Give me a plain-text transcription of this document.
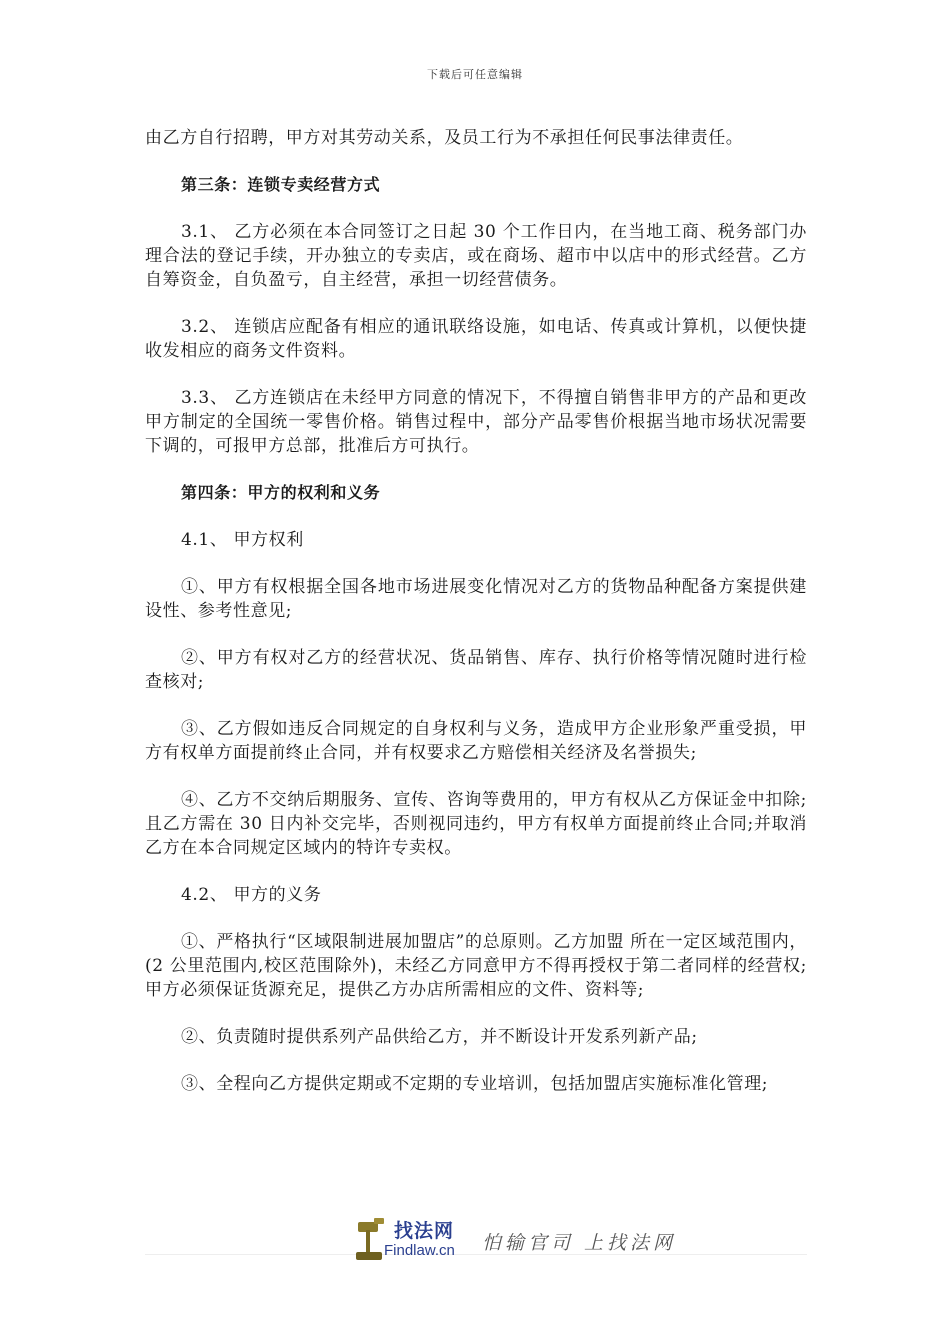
下载后可任意编辑

由乙方自行招聘，甲方对其劳动关系，及员工行为不承担任何民事法律责任。

第三条：连锁专卖经营方式

3.1、 乙方必须在本合同签订之日起 30 个工作日内，在当地工商、税务部门办理合法的登记手续，开办独立的专卖店，或在商场、超市中以店中的形式经营。乙方自筹资金，自负盈亏，自主经营，承担一切经营债务。

3.2、 连锁店应配备有相应的通讯联络设施，如电话、传真或计算机，以便快捷收发相应的商务文件资料。

3.3、 乙方连锁店在未经甲方同意的情况下，不得擅自销售非甲方的产品和更改甲方制定的全国统一零售价格。销售过程中，部分产品零售价根据当地市场状况需要下调的，可报甲方总部，批准后方可执行。

第四条：甲方的权利和义务

4.1、 甲方权利

①、甲方有权根据全国各地市场进展变化情况对乙方的货物品种配备方案提供建设性、参考性意见;

②、甲方有权对乙方的经营状况、货品销售、库存、执行价格等情况随时进行检查核对;

③、乙方假如违反合同规定的自身权利与义务，造成甲方企业形象严重受损，甲方有权单方面提前终止合同，并有权要求乙方赔偿相关经济及名誉损失;

④、乙方不交纳后期服务、宣传、咨询等费用的，甲方有权从乙方保证金中扣除;且乙方需在 30 日内补交完毕，否则视同违约，甲方有权单方面提前终止合同;并取消乙方在本合同规定区域内的特许专卖权。

4.2、 甲方的义务

①、严格执行“区域限制进展加盟店”的总原则。乙方加盟 所在一定区域范围内，(2 公里范围内,校区范围除外)，未经乙方同意甲方不得再授权于第二者同样的经营权;甲方必须保证货源充足，提供乙方办店所需相应的文件、资料等;

②、负责随时提供系列产品供给乙方，并不断设计开发系列新产品;

③、全程向乙方提供定期或不定期的专业培训，包括加盟店实施标准化管理;

找法网
Findlaw.cn 怕输官司 上找法网
